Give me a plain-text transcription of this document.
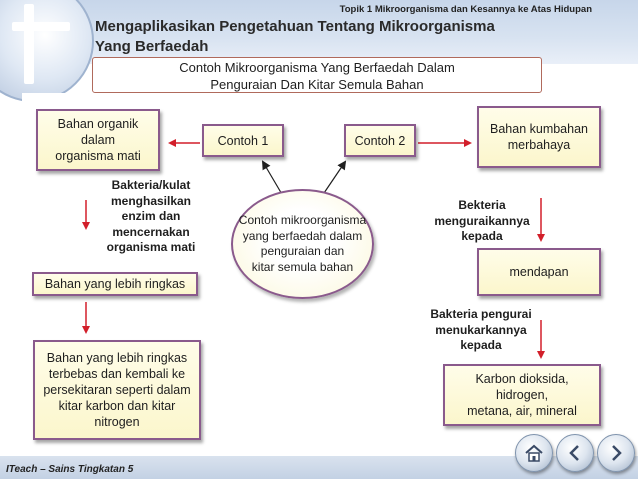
Topik 1 Mikroorganisma dan Kesannya ke Atas Hidupan
Mengaplikasikan Pengetahuan Tentang Mikroorganisma
Yang Berfaedah
Contoh Mikroorganisma Yang Berfaedah Dalam
Penguraian Dan Kitar Semula Bahan
Bahan organik
dalam
organisma mati
Contoh 1	Contoh 2
Bahan kumbahan
merbahaya
Bakteria/kulat
menghasilkan
enzim dan
mencernakan
organisma mati
Bekteria
menguraikannya
kepada
Contoh mikroorganisma
yang berfaedah dalam
penguraian dan
kitar semula bahan
Bahan yang lebih ringkas
mendapan
Bakteria pengurai
menukarkannya
kepada
Bahan yang lebih ringkas
terbebas dan kembali ke
persekitaran seperti dalam
kitar karbon dan kitar
nitrogen
Karbon dioksida,
hidrogen,
metana, air, mineral
ITeach – Sains Tingkatan 5
